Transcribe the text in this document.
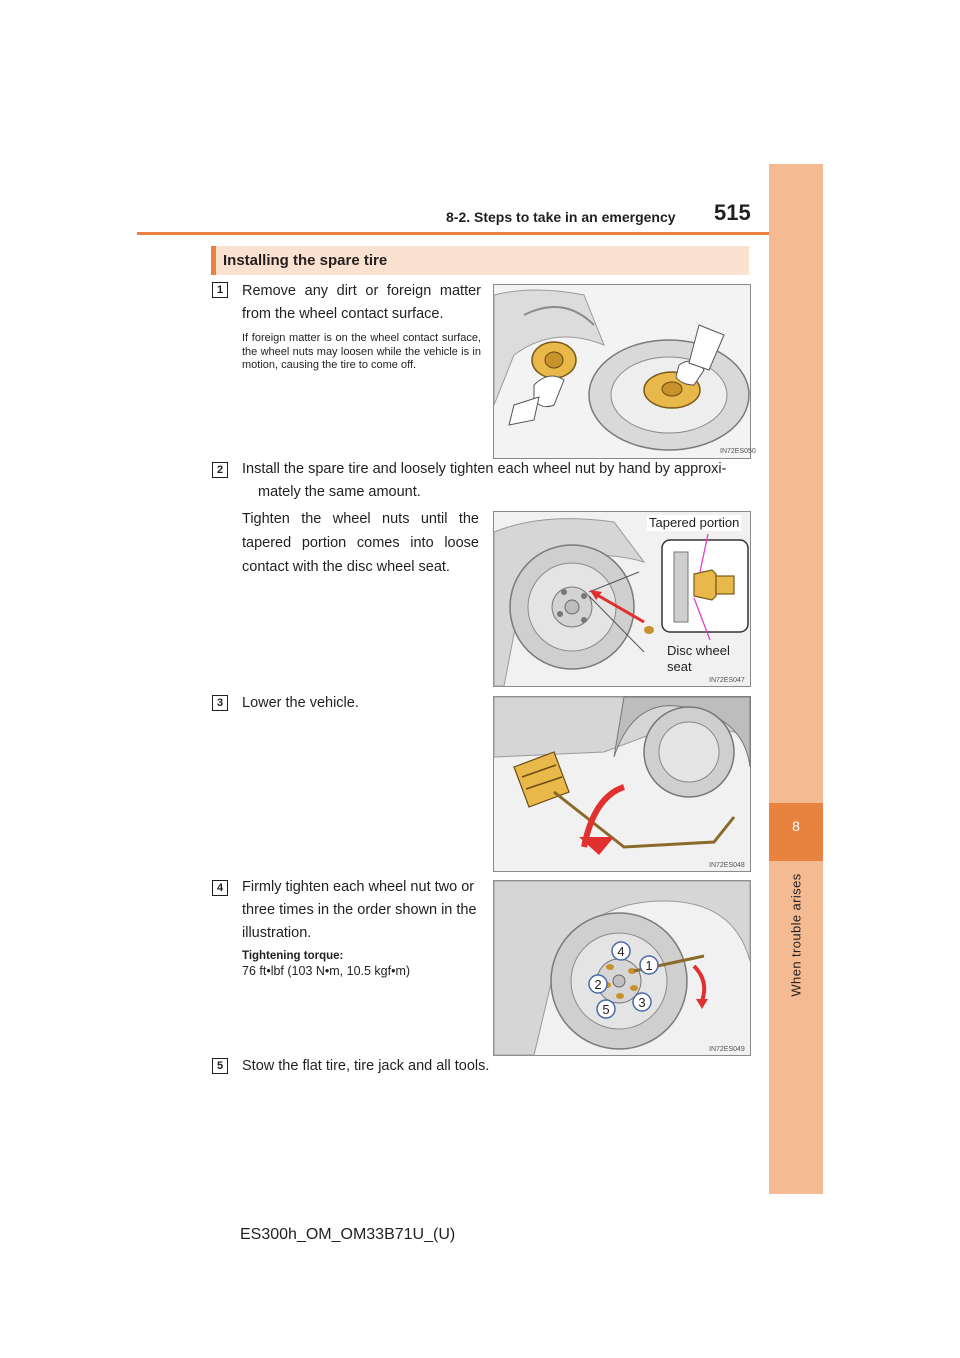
8-2. Steps to take in an emergency 515
8
When trouble arises
Installing the spare tire
1	Remove any dirt or foreign matter from the wheel contact surface.
If foreign matter is on the wheel contact surface, the wheel nuts may loosen while the vehicle is in motion, causing the tire to come off.
IN72ES050
2	Install the spare tire and loosely tighten each wheel nut by hand by approxi-
mately the same amount.
Tighten the wheel nuts until the tapered portion comes into loose contact with the disc wheel seat.
IN72ES047
Tapered portion
Disc wheel
seat
3	Lower the vehicle.
IN72ES048
4	Firmly tighten each wheel nut two or three times in the order shown in the illustration.
Tightening torque:
76 ft•lbf (103 N•m, 10.5 kgf•m)	1
2
3
4
5
IN72ES049
5	Stow the flat tire, tire jack and all tools.
ES300h_OM_OM33B71U_(U)
